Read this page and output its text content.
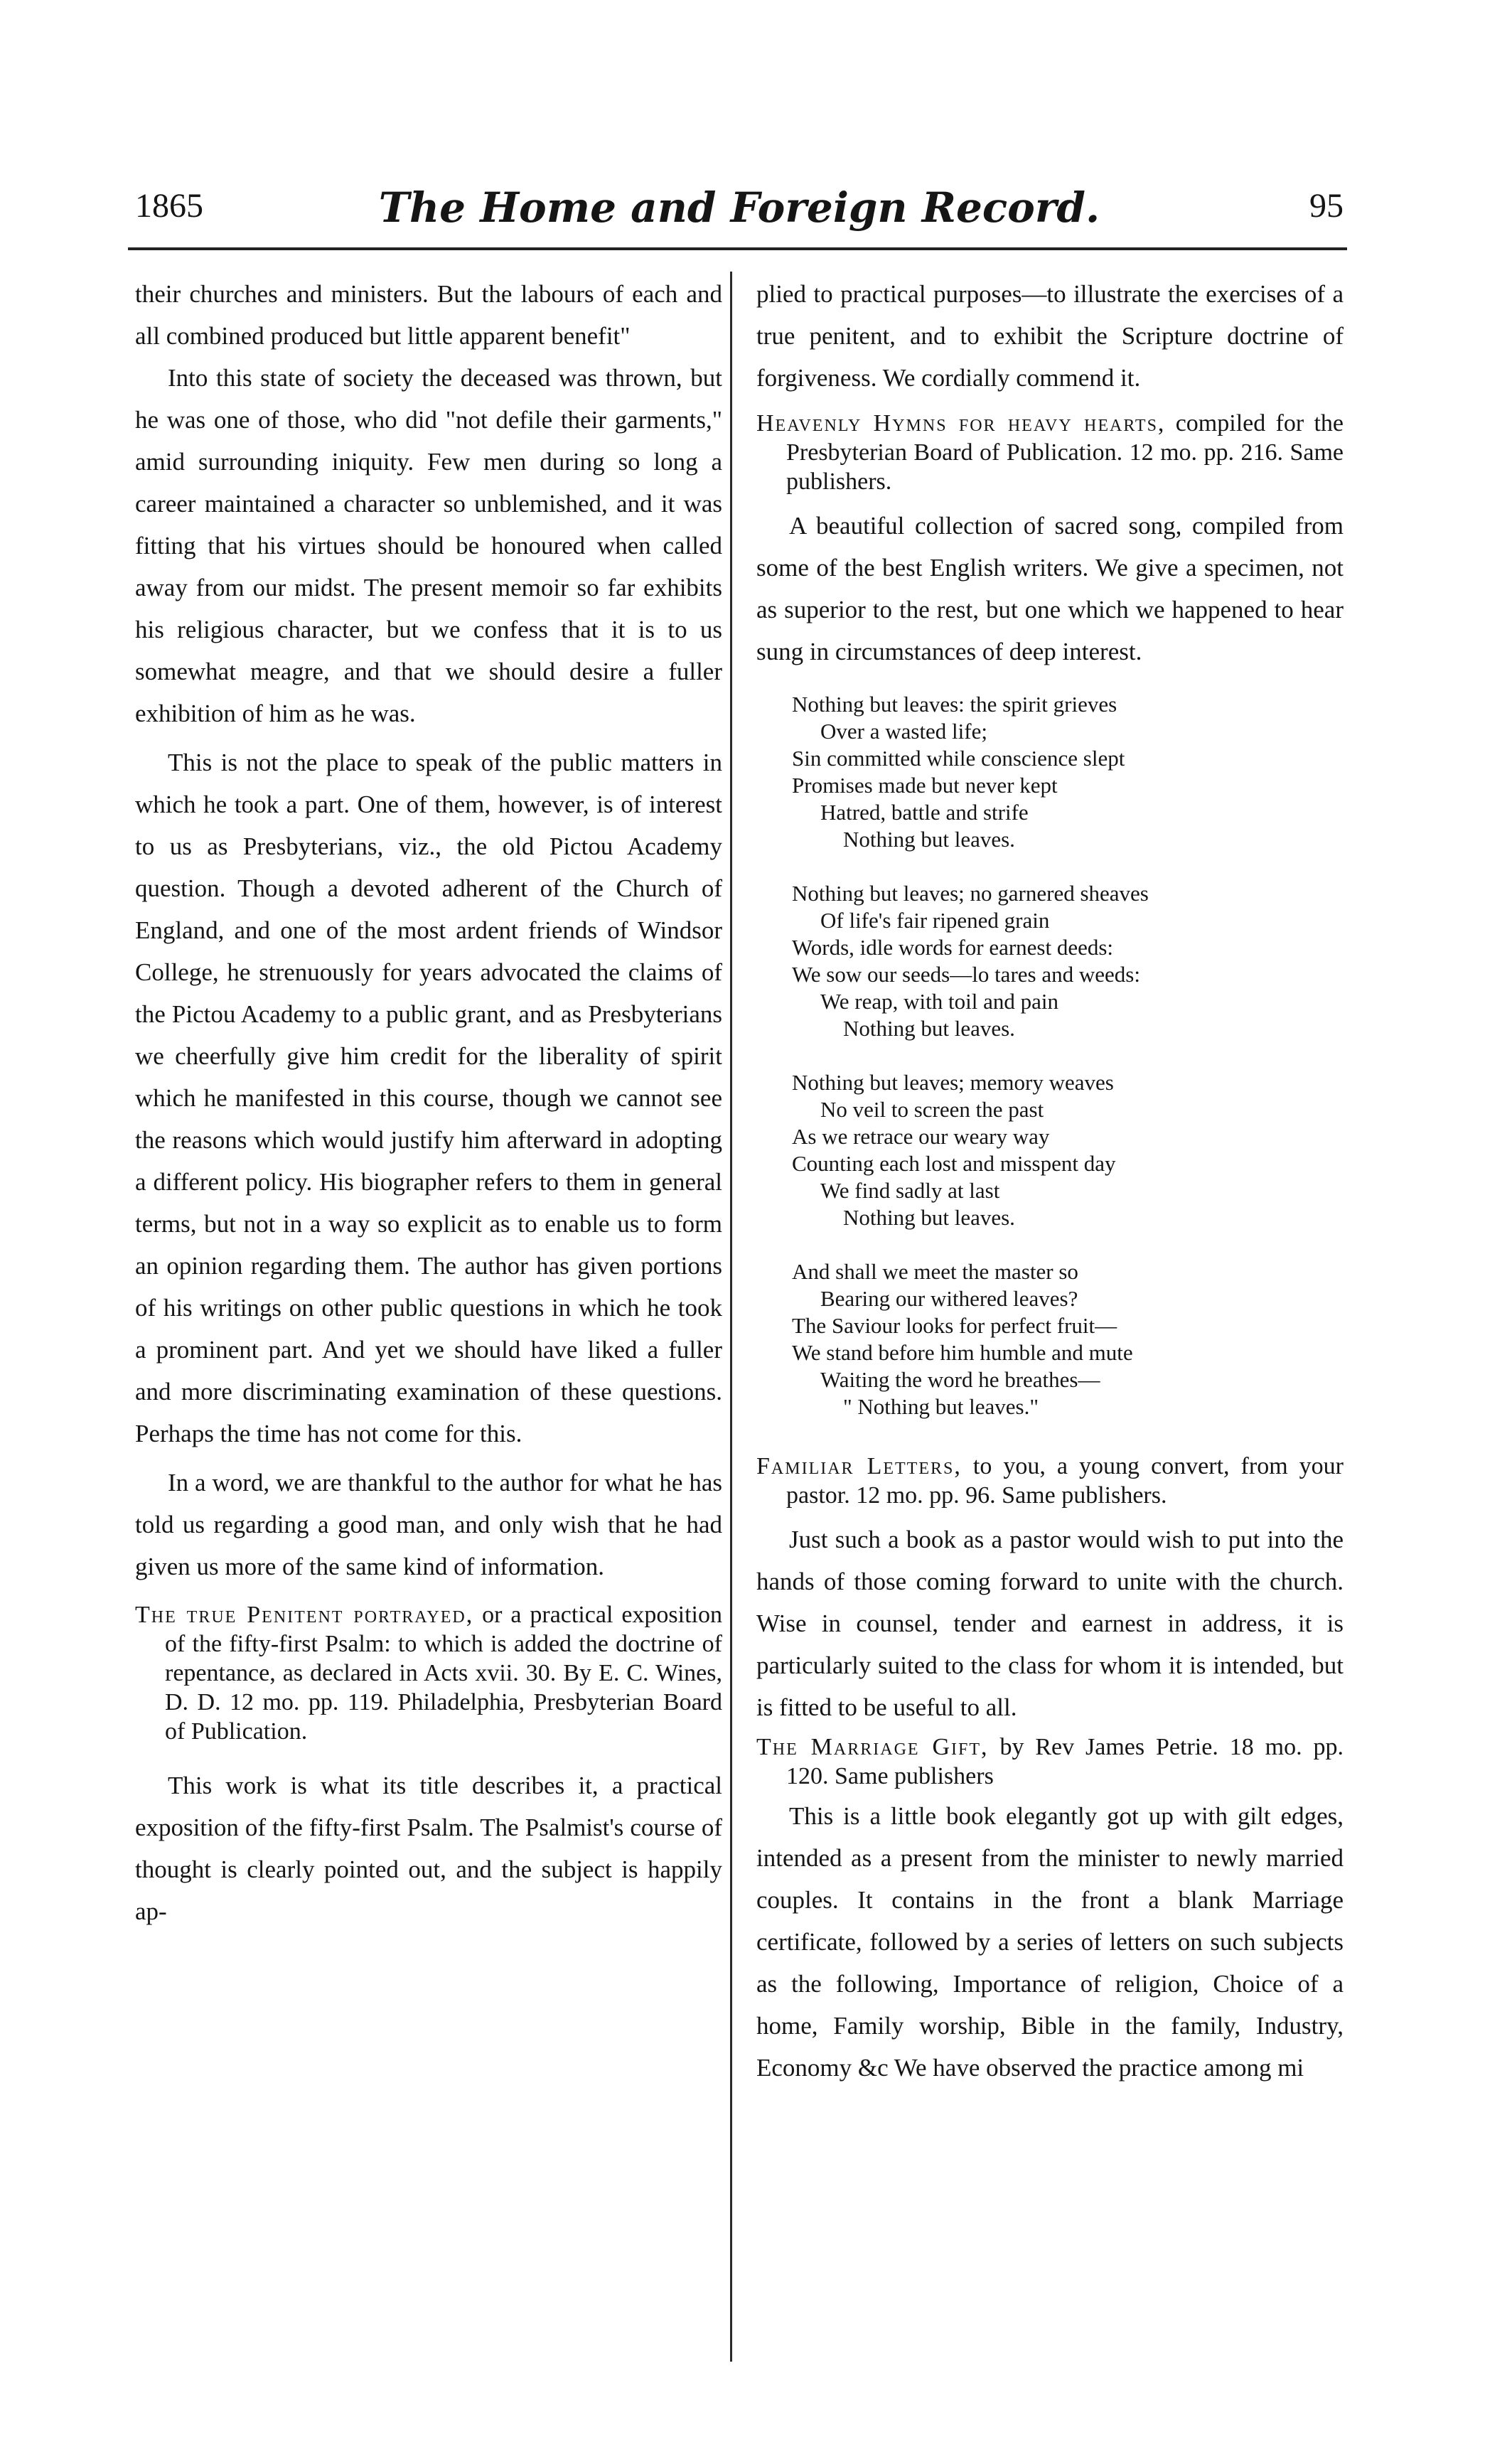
1865	The Home and Foreign Record.	95

their churches and ministers. But the labours of each and all combined produced but little apparent benefit"

Into this state of society the deceased was thrown, but he was one of those, who did "not defile their garments," amid surrounding iniquity. Few men during so long a career maintained a character so unblemished, and it was fitting that his virtues should be honoured when called away from our midst. The present memoir so far exhibits his religious character, but we confess that it is to us somewhat meagre, and that we should desire a fuller exhibition of him as he was.

This is not the place to speak of the public matters in which he took a part. One of them, however, is of interest to us as Presbyterians, viz., the old Pictou Academy question. Though a devoted adherent of the Church of England, and one of the most ardent friends of Windsor College, he strenuously for years advocated the claims of the Pictou Academy to a public grant, and as Presbyterians we cheerfully give him credit for the liberality of spirit which he manifested in this course, though we cannot see the reasons which would justify him afterward in adopting a different policy. His biographer refers to them in general terms, but not in a way so explicit as to enable us to form an opinion regarding them. The author has given portions of his writings on other public questions in which he took a prominent part. And yet we should have liked a fuller and more discriminating examination of these questions. Perhaps the time has not come for this.

In a word, we are thankful to the author for what he has told us regarding a good man, and only wish that he had given us more of the same kind of information.

The true Penitent portrayed, or a practical exposition of the fifty-first Psalm: to which is added the doctrine of repentance, as declared in Acts xvii. 30. By E. C. Wines, D. D. 12 mo. pp. 119. Philadelphia, Presbyterian Board of Publication.

This work is what its title describes it, a practical exposition of the fifty-first Psalm. The Psalmist's course of thought is clearly pointed out, and the subject is happily ap-

plied to practical purposes—to illustrate the exercises of a true penitent, and to exhibit the Scripture doctrine of forgiveness. We cordially commend it.

Heavenly Hymns for heavy hearts, compiled for the Presbyterian Board of Publication. 12 mo. pp. 216. Same publishers.

A beautiful collection of sacred song, compiled from some of the best English writers. We give a specimen, not as superior to the rest, but one which we happened to hear sung in circumstances of deep interest.

Nothing but leaves: the spirit grieves
Over a wasted life;
Sin committed while conscience slept
Promises made but never kept
Hatred, battle and strife
Nothing but leaves.
Nothing but leaves; no garnered sheaves
Of life's fair ripened grain
Words, idle words for earnest deeds:
We sow our seeds—lo tares and weeds:
We reap, with toil and pain
Nothing but leaves.
Nothing but leaves; memory weaves
No veil to screen the past
As we retrace our weary way
Counting each lost and misspent day
We find sadly at last
Nothing but leaves.
And shall we meet the master so
Bearing our withered leaves?
The Saviour looks for perfect fruit—
We stand before him humble and mute
Waiting the word he breathes—
" Nothing but leaves."

Familiar Letters, to you, a young convert, from your pastor. 12 mo. pp. 96. Same publishers.

Just such a book as a pastor would wish to put into the hands of those coming forward to unite with the church. Wise in counsel, tender and earnest in address, it is particularly suited to the class for whom it is intended, but is fitted to be useful to all.

The Marriage Gift, by Rev James Petrie. 18 mo. pp. 120. Same publishers

This is a little book elegantly got up with gilt edges, intended as a present from the minister to newly married couples. It contains in the front a blank Marriage certificate, followed by a series of letters on such subjects as the following, Importance of religion, Choice of a home, Family worship, Bible in the family, Industry, Economy &c We have observed the practice among mi
